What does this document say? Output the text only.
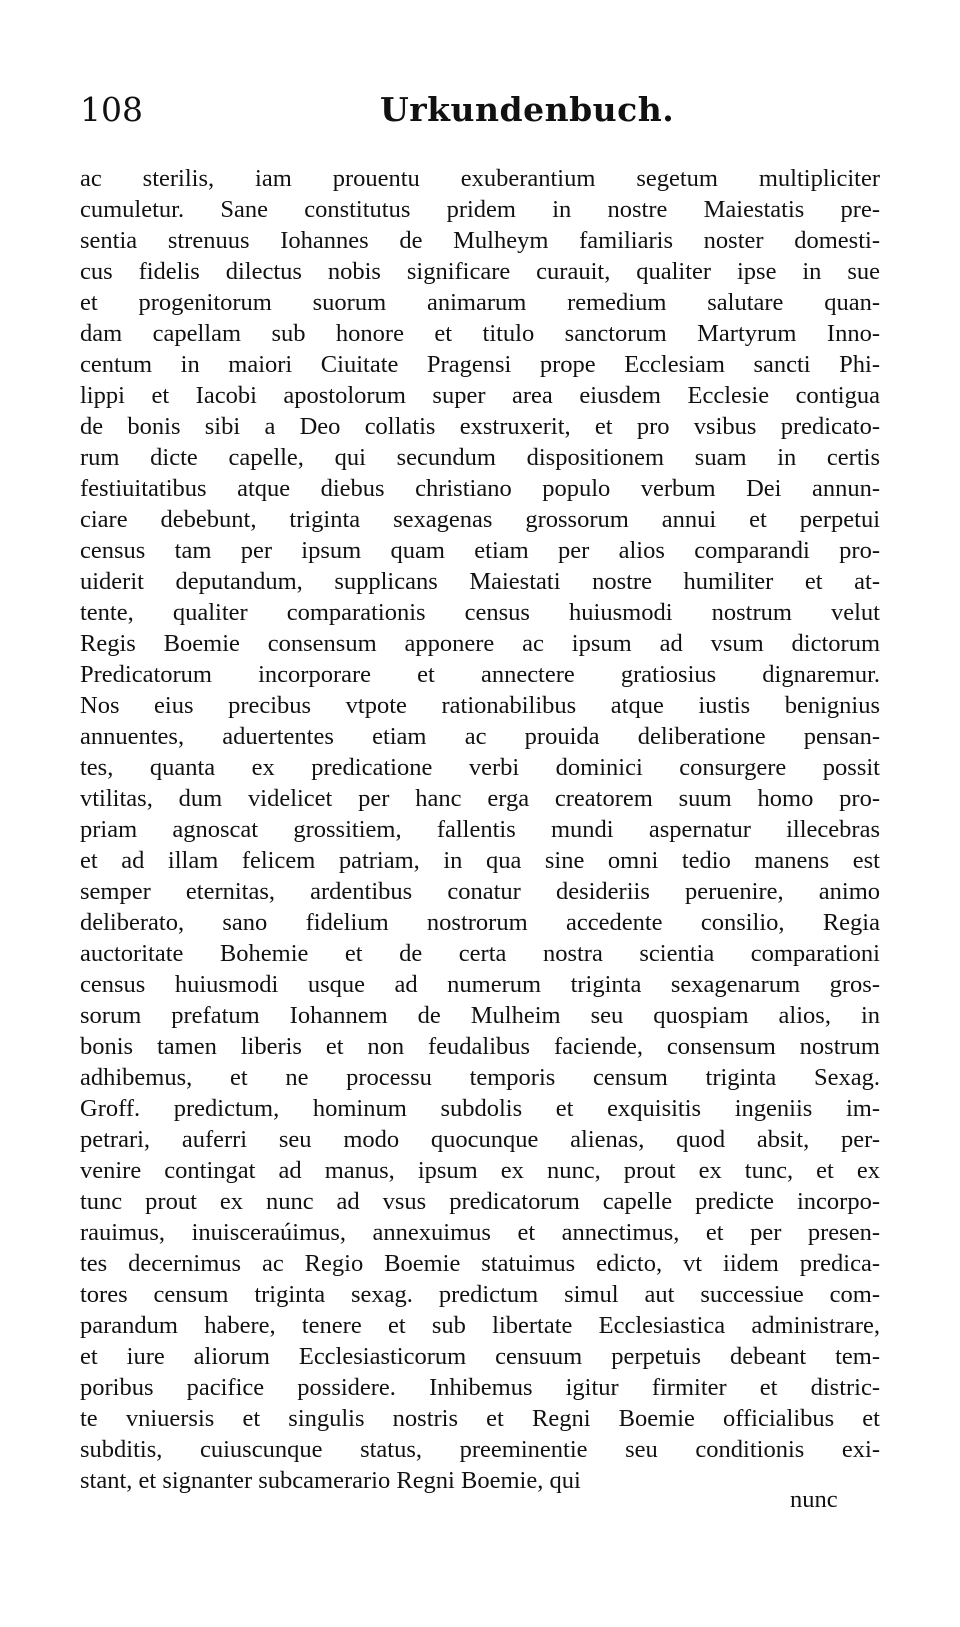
108	Urkundenbuch.
ac sterilis, iam prouentu exuberantium segetum multipliciter
cumuletur. Sane constitutus pridem in nostre Maiestatis pre-
sentia strenuus Iohannes de Mulheym familiaris noster domesti-
cus fidelis dilectus nobis significare curauit, qualiter ipse in sue
et progenitorum suorum animarum remedium salutare quan-
dam capellam sub honore et titulo sanctorum Martyrum Inno-
centum in maiori Ciuitate Pragensi prope Ecclesiam sancti Phi-
lippi et Iacobi apostolorum super area eiusdem Ecclesie contigua
de bonis sibi a Deo collatis exstruxerit, et pro vsibus predicato-
rum dicte capelle, qui secundum dispositionem suam in certis
festiuitatibus atque diebus christiano populo verbum Dei annun-
ciare debebunt, triginta sexagenas grossorum annui et perpetui
census tam per ipsum quam etiam per alios comparandi pro-
uiderit deputandum, supplicans Maiestati nostre humiliter et at-
tente, qualiter comparationis census huiusmodi nostrum velut
Regis Boemie consensum apponere ac ipsum ad vsum dictorum
Predicatorum incorporare et annectere gratiosius dignaremur.
Nos eius precibus vtpote rationabilibus atque iustis benignius
annuentes, aduertentes etiam ac prouida deliberatione pensan-
tes, quanta ex predicatione verbi dominici consurgere possit
vtilitas, dum videlicet per hanc erga creatorem suum homo pro-
priam agnoscat grossitiem, fallentis mundi aspernatur illecebras
et ad illam felicem patriam, in qua sine omni tedio manens est
semper eternitas, ardentibus conatur desideriis peruenire, animo
deliberato, sano fidelium nostrorum accedente consilio, Regia
auctoritate Bohemie et de certa nostra scientia comparationi
census huiusmodi usque ad numerum triginta sexagenarum gros-
sorum prefatum Iohannem de Mulheim seu quospiam alios, in
bonis tamen liberis et non feudalibus faciende, consensum nostrum
adhibemus, et ne processu temporis censum triginta Sexag.
Groff. predictum, hominum subdolis et exquisitis ingeniis im-
petrari, auferri seu modo quocunque alienas, quod absit, per-
venire contingat ad manus, ipsum ex nunc, prout ex tunc, et ex
tunc prout ex nunc ad vsus predicatorum capelle predicte incorpo-
rauimus, inuisceraúimus, annexuimus et annectimus, et per presen-
tes decernimus ac Regio Boemie statuimus edicto, vt iidem predica-
tores censum triginta sexag. predictum simul aut successiue com-
parandum habere, tenere et sub libertate Ecclesiastica administrare,
et iure aliorum Ecclesiasticorum censuum perpetuis debeant tem-
poribus pacifice possidere. Inhibemus igitur firmiter et distric-
te vniuersis et singulis nostris et Regni Boemie officialibus et
subditis, cuiuscunque status, preeminentie seu conditionis exi-
stant, et signanter subcamerario Regni Boemie, qui
nunc
